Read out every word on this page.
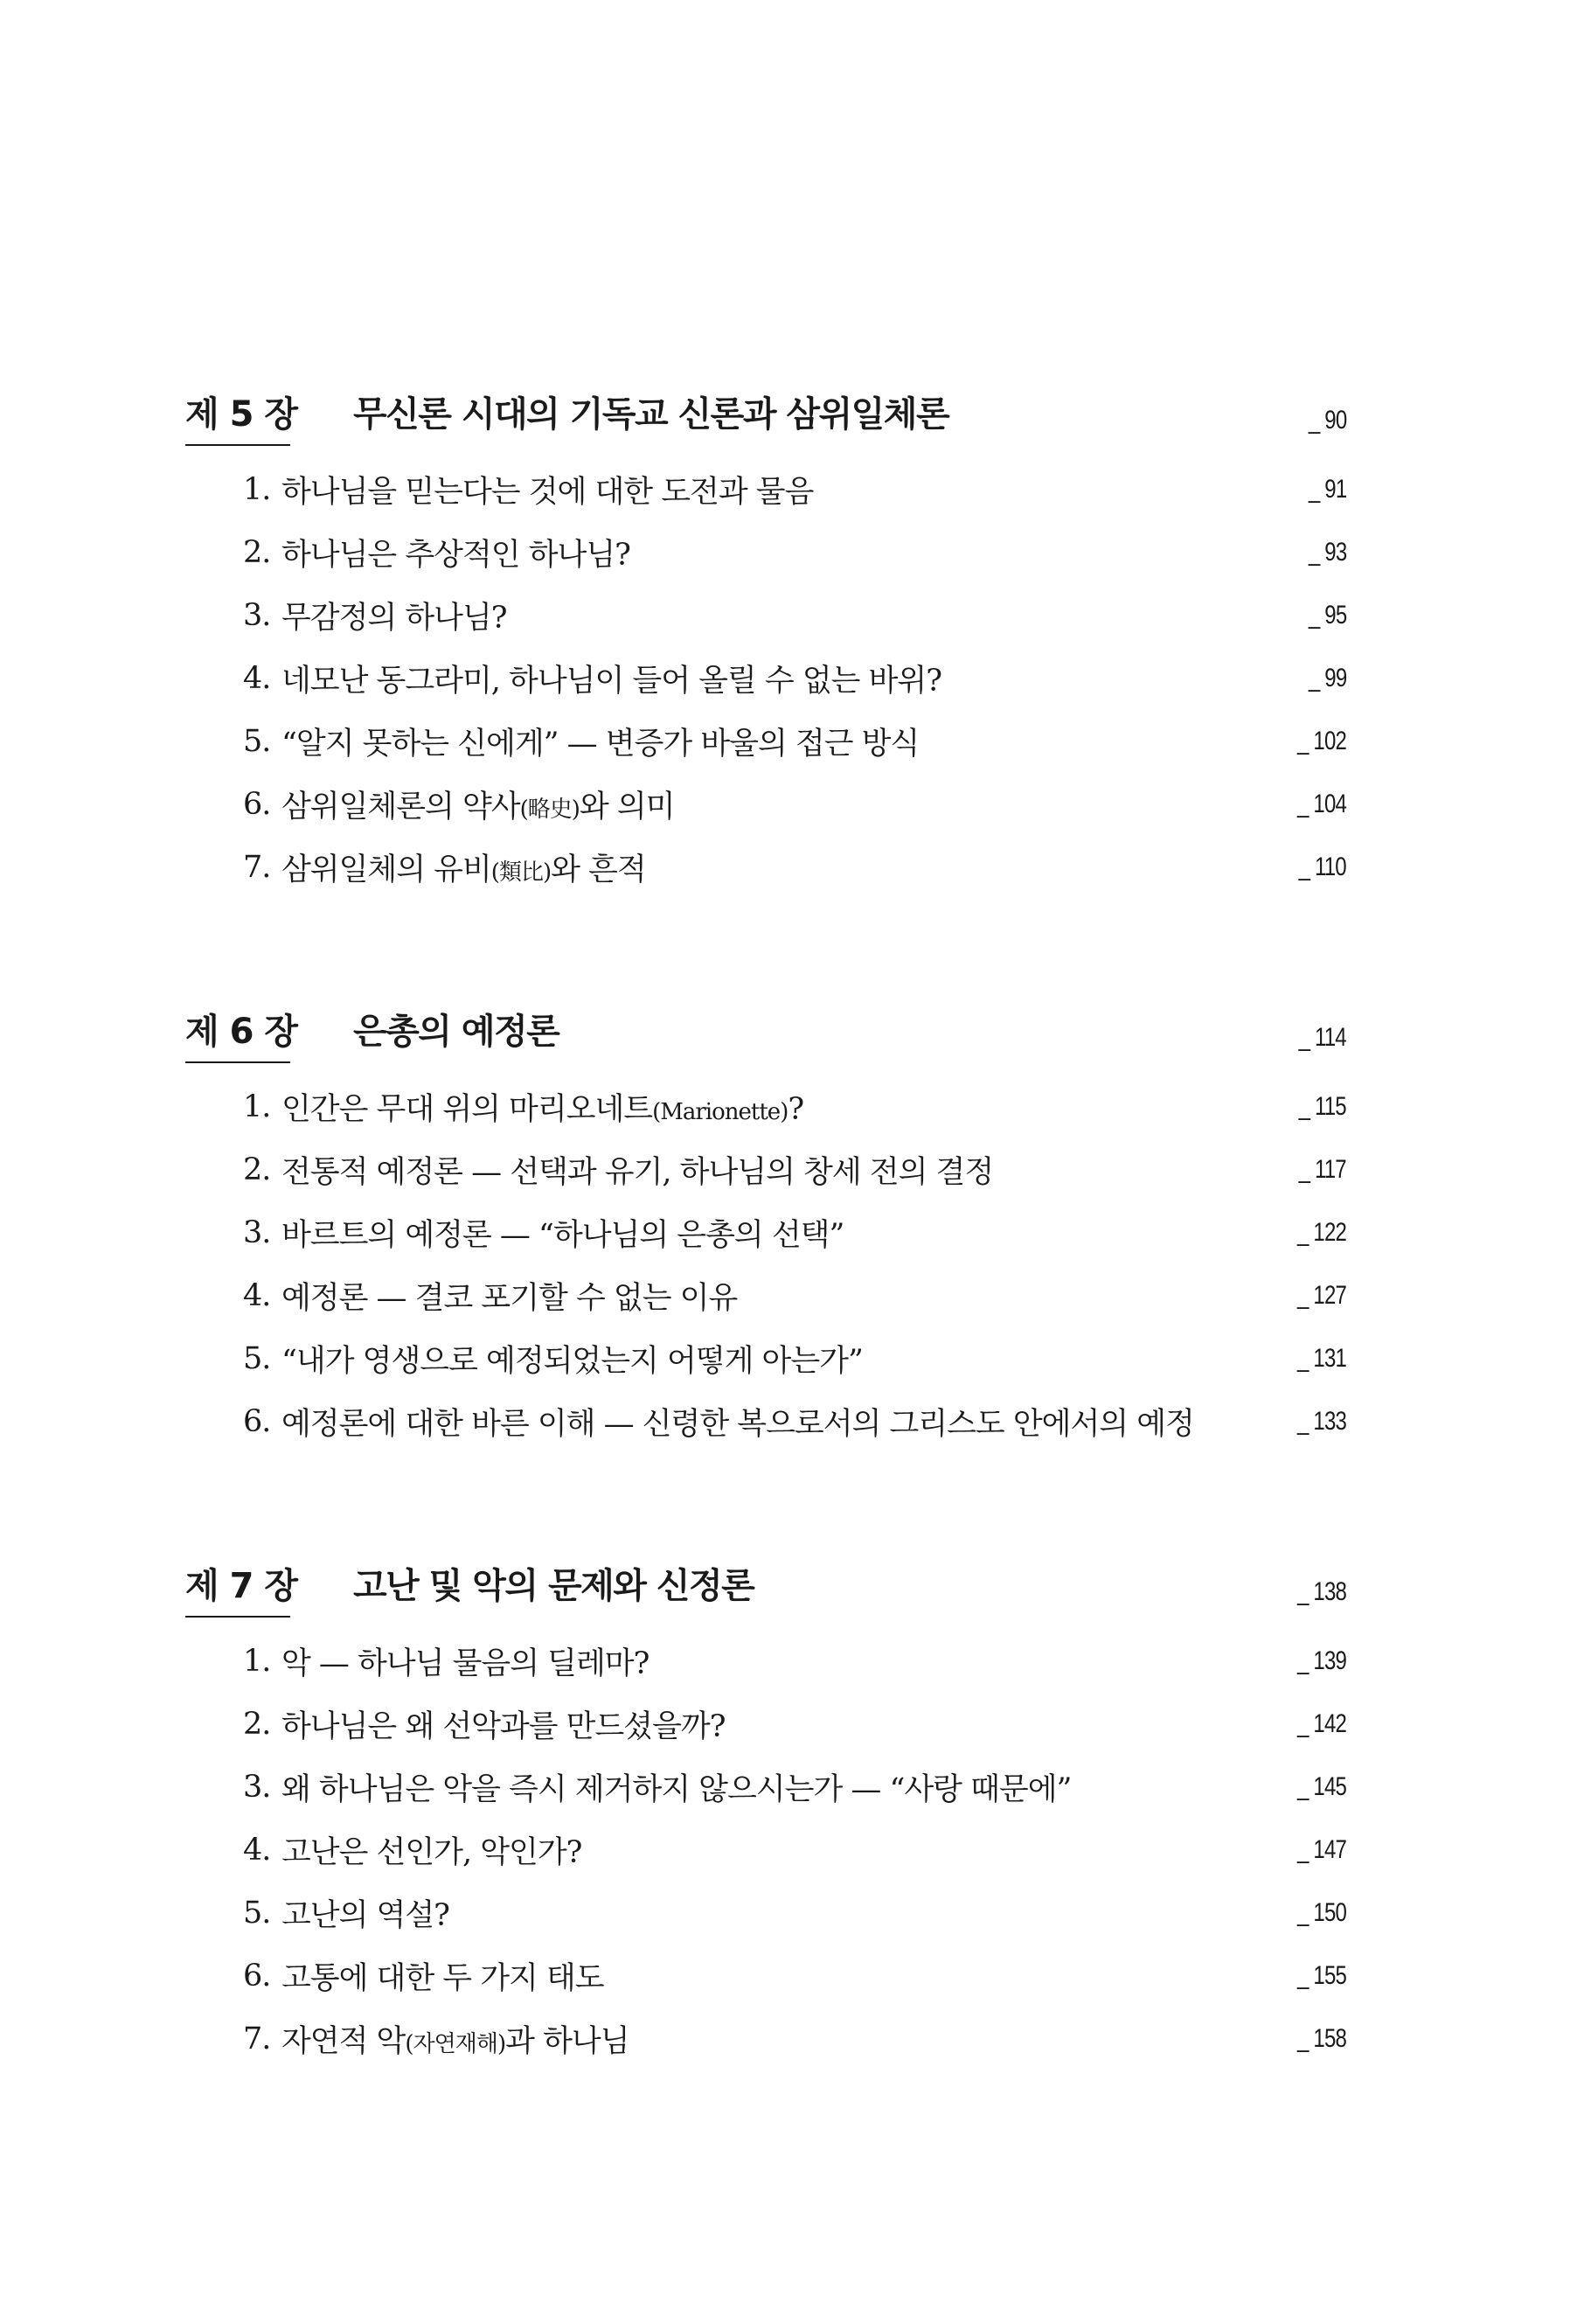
제 5 장 무신론 시대의 기독교 신론과 삼위일체론	_ 90
1. 하나님을 믿는다는 것에 대한 도전과 물음	_ 91
2. 하나님은 추상적인 하나님?	_ 93
3. 무감정의 하나님?	_ 95
4. 네모난 동그라미, 하나님이 들어 올릴 수 없는 바위?	_ 99
5. “알지 못하는 신에게” — 변증가 바울의 접근 방식	_ 102
6. 삼위일체론의 약사(略史)와 의미	_ 104
7. 삼위일체의 유비(類比)와 흔적	_ 110
제 6 장 은총의 예정론	_ 114
1. 인간은 무대 위의 마리오네트(Marionette)?	_ 115
2. 전통적 예정론 — 선택과 유기, 하나님의 창세 전의 결정	_ 117
3. 바르트의 예정론 — “하나님의 은총의 선택”	_ 122
4. 예정론 — 결코 포기할 수 없는 이유	_ 127
5. “내가 영생으로 예정되었는지 어떻게 아는가”	_ 131
6. 예정론에 대한 바른 이해 — 신령한 복으로서의 그리스도 안에서의 예정	_ 133
제 7 장 고난 및 악의 문제와 신정론	_ 138
1. 악 — 하나님 물음의 딜레마?	_ 139
2. 하나님은 왜 선악과를 만드셨을까?	_ 142
3. 왜 하나님은 악을 즉시 제거하지 않으시는가 — “사랑 때문에”	_ 145
4. 고난은 선인가, 악인가?	_ 147
5. 고난의 역설?	_ 150
6. 고통에 대한 두 가지 태도	_ 155
7. 자연적 악(자연재해)과 하나님	_ 158
